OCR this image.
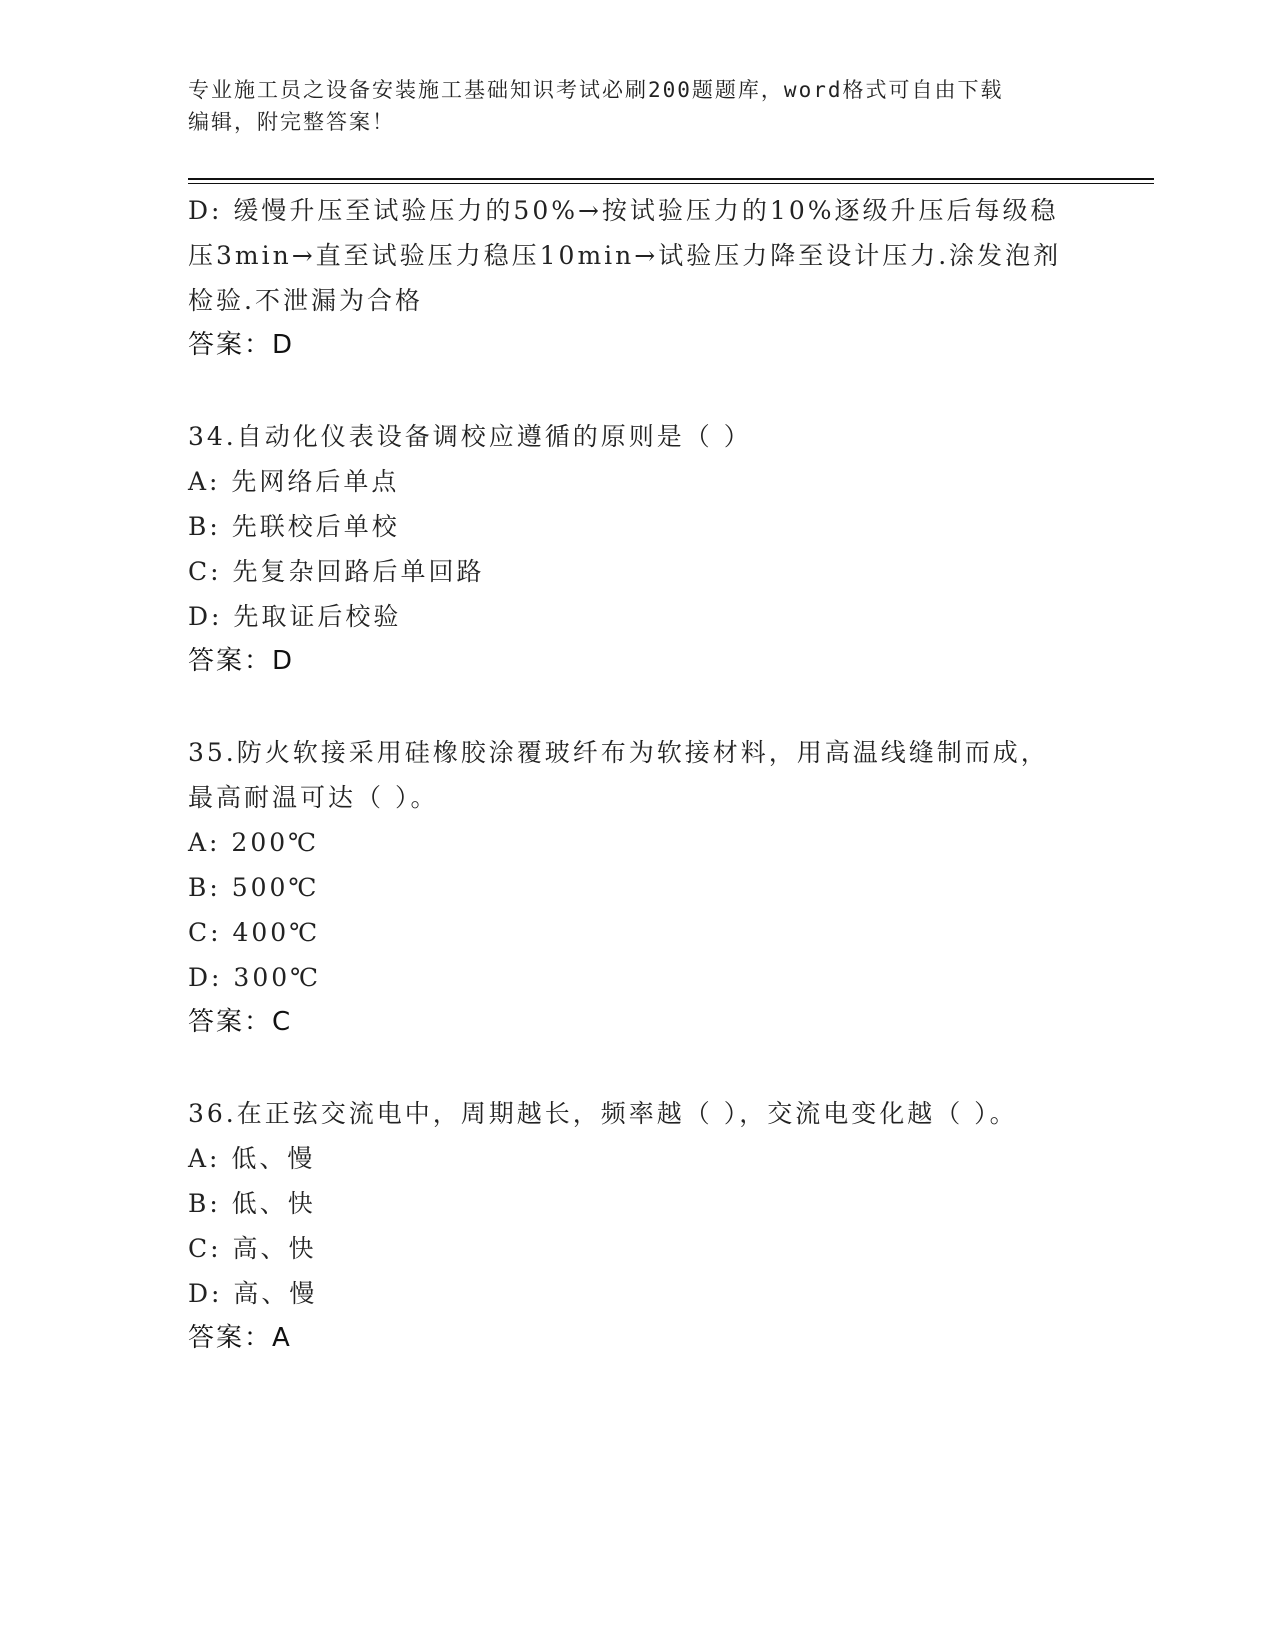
专业施工员之设备安装施工基础知识考试必刷200题题库，word格式可自由下载
编辑，附完整答案！
D: 缓慢升压至试验压力的50%→按试验压力的10%逐级升压后每级稳
压3min→直至试验压力稳压10min→试验压力降至设计压力.涂发泡剂
检验.不泄漏为合格
答案：D
34.自动化仪表设备调校应遵循的原则是（ ）
A: 先网络后单点
B: 先联校后单校
C: 先复杂回路后单回路
D: 先取证后校验
答案：D
35.防火软接采用硅橡胶涂覆玻纤布为软接材料，用高温线缝制而成，
最高耐温可达（ ）。
A: 200℃
B: 500℃
C: 400℃
D: 300℃
答案：C
36.在正弦交流电中，周期越长，频率越（ ），交流电变化越（ ）。
A: 低、慢
B: 低、快
C: 高、快
D: 高、慢
答案：A
